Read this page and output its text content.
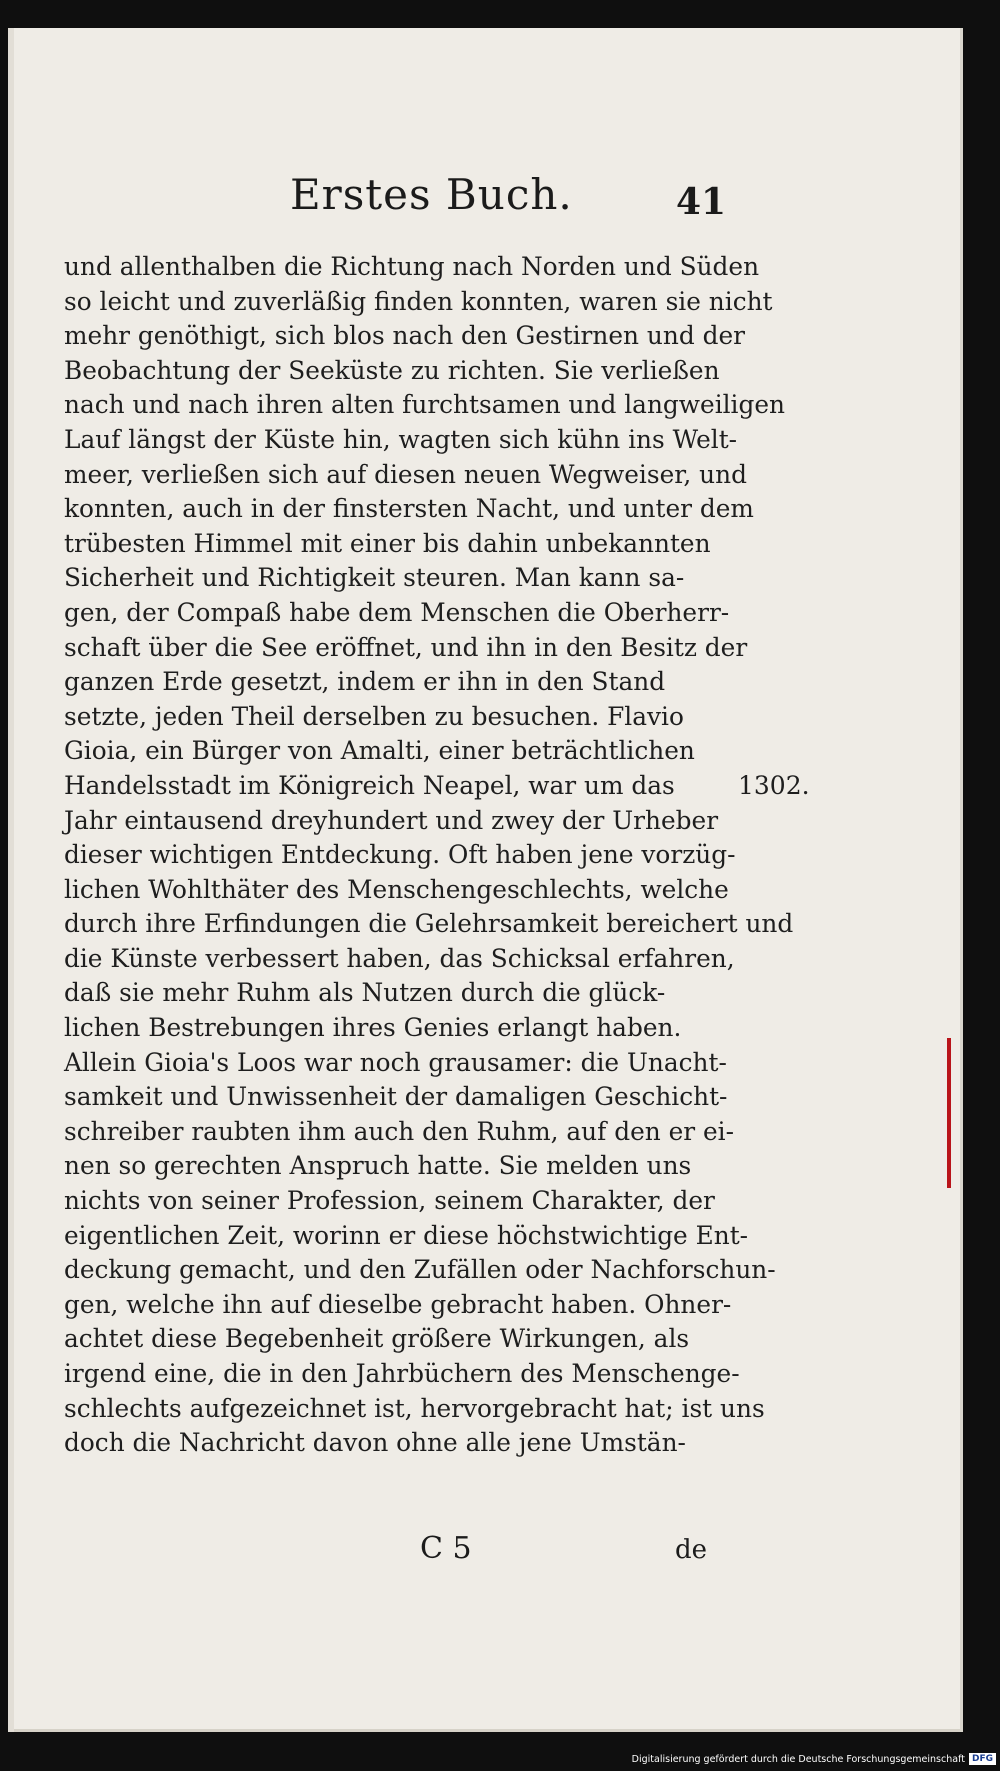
Erstes Buch.	41
und allenthalben die Richtung nach Norden und Süden
so leicht und zuverläßig finden konnten, waren sie nicht
mehr genöthigt, sich blos nach den Gestirnen und der
Beobachtung der Seeküste zu richten. Sie verließen
nach und nach ihren alten furchtsamen und langweiligen
Lauf längst der Küste hin, wagten sich kühn ins Welt-
meer, verließen sich auf diesen neuen Wegweiser, und
konnten, auch in der finstersten Nacht, und unter dem
trübesten Himmel mit einer bis dahin unbekannten
Sicherheit und Richtigkeit steuren. Man kann sa-
gen, der Compaß habe dem Menschen die Oberherr-
schaft über die See eröffnet, und ihn in den Besitz der
ganzen Erde gesetzt, indem er ihn in den Stand
setzte, jeden Theil derselben zu besuchen. Flavio
Gioia, ein Bürger von Amalti, einer beträchtlichen
Handelsstadt im Königreich Neapel, war um das
Jahr eintausend dreyhundert und zwey der Urheber
dieser wichtigen Entdeckung. Oft haben jene vorzüg-
lichen Wohlthäter des Menschengeschlechts, welche
durch ihre Erfindungen die Gelehrsamkeit bereichert und
die Künste verbessert haben, das Schicksal erfahren,
daß sie mehr Ruhm als Nutzen durch die glück-
lichen Bestrebungen ihres Genies erlangt haben.
Allein Gioia's Loos war noch grausamer: die Unacht-
samkeit und Unwissenheit der damaligen Geschicht-
schreiber raubten ihm auch den Ruhm, auf den er ei-
nen so gerechten Anspruch hatte. Sie melden uns
nichts von seiner Profession, seinem Charakter, der
eigentlichen Zeit, worinn er diese höchstwichtige Ent-
deckung gemacht, und den Zufällen oder Nachforschun-
gen, welche ihn auf dieselbe gebracht haben. Ohner-
achtet diese Begebenheit größere Wirkungen, als
irgend eine, die in den Jahrbüchern des Menschenge-
schlechts aufgezeichnet ist, hervorgebracht hat; ist uns
doch die Nachricht davon ohne alle jene Umstän-
1302.
C 5	de
Digitalisierung gefördert durch die Deutsche Forschungsgemeinschaft DFG
